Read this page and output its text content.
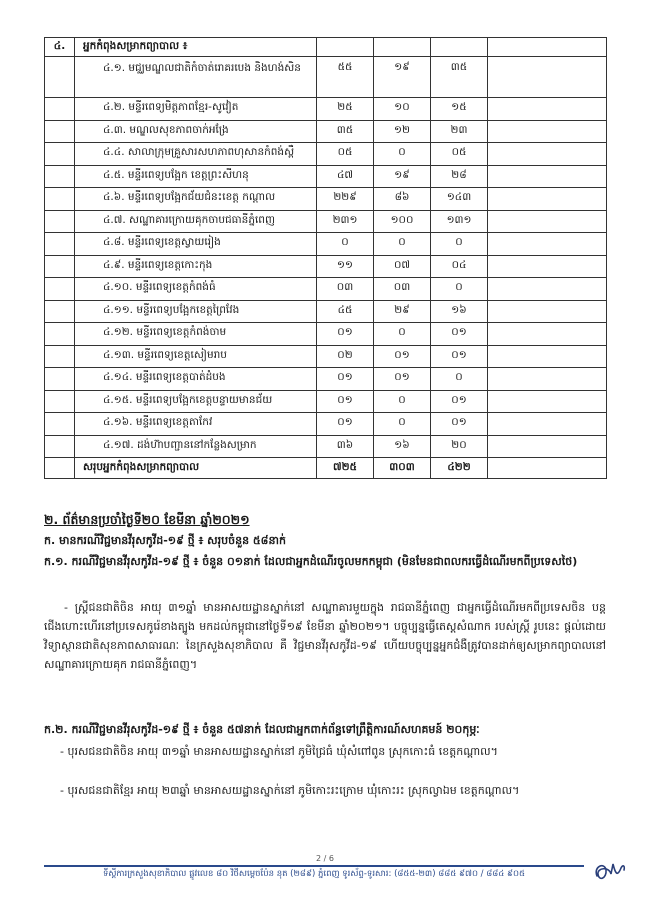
៤.	អ្នកកំពុងសម្រាកព្យាបាល ៖				
	៤.១. មជ្ឈមណ្ឌលជាតិកំចាត់រោគរបេង និងហង់សិន	៥៥	១៩	៣៥	
	៤.២. មន្ទីរពេទ្យមិត្តភាពខ្មែរ-សូវៀត	២៥	១០	១៥	
	៤.៣. មណ្ឌលសុខភាពចាក់អង្រែ	៣៥	១២	២៣	
	៤.៤. សាលាក្រុមគ្រួសារសហភាពហុសានកំពង់ស្ពឺ	០៥	០	០៥	
	៤.៥. មន្ទីរពេទ្យបង្អែក ខេត្តព្រះសីហនុ	៤៧	១៩	២៨	
	៤.៦. មន្ទីរពេទ្យបង្អែកជ័យជំនះខេត្ត កណ្ដាល	២២៩	៨៦	១៤៣	
	៤.៧. សណ្ឋាគារក្រោយគុកចាបជធានីភ្នំពេញ	២៣១	១០០	១៣១	
	៤.៨. មន្ទីរពេទ្យខេត្តស្វាយរៀង	០	០	០	
	៤.៩. មន្ទីរពេទ្យខេត្តកោះកុង	១១	០៧	០៤	
	៤.១០. មន្ទីរពេទ្យខេត្តកំពង់ធំ	០៣	០៣	០	
	៤.១១. មន្ទីរពេទ្យបង្អែកខេត្តព្រៃវែង	៤៥	២៩	១៦	
	៤.១២. មន្ទីរពេទ្យខេត្តកំពង់ចាម	០១	០	០១	
	៤.១៣. មន្ទីរពេទ្យខេត្តសៀមរាប	០២	០១	០១	
	៤.១៤. មន្ទីរពេទ្យខេត្តបាត់ដំបង	០១	០១	០	
	៤.១៥. មន្ទីរពេទ្យបង្អែកខេត្តបន្ទាយមានជ័យ	០១	០	០១	
	៤.១៦. មន្ទីរពេទ្យខេត្តតាកែវ	០១	០	០១	
	៤.១៧. ដង់ហ៊ាបញ្ជាននៅកន្លែងសម្រាក	៣៦	១៦	២០	
	សរុបអ្នកកំពុងសម្រាកព្យាបាល	៧២៥	៣០៣	៤២២	
២. ព័ត៌មានប្រចាំថ្ងៃទី២០ ខែមីនា ឆ្នាំ២០២១
ក. មានករណីវិជ្ជមានវីរុសកូវីដ-១៩ ថ្មី ៖ សរុបចំនួន ៥៨នាក់
ក.១. ករណីវិជ្ជមានវីរុសកូវីដ-១៩ ថ្មី ៖ ចំនួន ០១នាក់ ដែលជាអ្នកដំណើរចូលមកកម្ពុជា (មិនមែនជាពលករធ្វើដំណើរមកពីប្រទេសថៃ)
- ស្ត្រីជនជាតិចិន អាយុ ៣១ឆ្នាំ មានអាសយដ្ឋានស្នាក់នៅ សណ្ឋាគារមួយក្នុង រាជធានីភ្នំពេញ ជាអ្នកធ្វើដំណើរមកពីប្រទេសចិន បន្តជើងហោះហើរនៅប្រទេសកូរ៉េខាងត្បូង មកដល់កម្ពុជានៅថ្ងៃទី១៩ ខែមីនា ឆ្នាំ២០២១។ បច្ចុប្បន្នធ្វើតេស្តសំណាក របស់ស្ត្រី រូបនេះ ផ្តល់ដោយវិទ្យាស្ថានជាតិសុខភាពសាធារណៈ នៃក្រសួងសុខាភិបាល គឺ វិជ្ជមានវីរុសកូវីដ-១៩ ហើយបច្ចុប្បន្នអ្នកជំងឺត្រូវបានដាក់ឲ្យសម្រាកព្យាបាលនៅ សណ្ឋាគារក្រោយគុក រាជធានីភ្នំពេញ។
ក.២. ករណីវិជ្ជមានវីរុសកូវីដ-១៩ ថ្មី ៖ ចំនួន ៥៧នាក់ ដែលជាអ្នកពាក់ព័ន្ធទៅព្រឹត្តិការណ៍សហគមន៍ ២០កុម្ភៈ
- បុរសជនជាតិចិន អាយុ ៣១ឆ្នាំ មានអាសយដ្ឋានស្នាក់នៅ ភូមិជ្រៃធំ ឃុំសំពៅពូន ស្រុកកោះធំ ខេត្តកណ្ដាល។
- បុរសជនជាតិខ្មែរ អាយុ ២៣ឆ្នាំ មានអាសយដ្ឋានស្នាក់នៅ ភូមិកោះរះក្រោម ឃុំកោះរះ ស្រុកល្វាឯម ខេត្តកណ្ដាល។
2 / 6
ទីស្តីការក្រសួងសុខាភិបាល ផ្លូវលេខ ៨០ វិថីសម្តេចប៉ែន នុត (២៨៩) ភ្នំពេញ ទូរស័ព្ទ-ទូរសារ: (៨៥៥-២៣) ៨៨៥ ៩៧០ / ៨៨៤ ៩០៥
